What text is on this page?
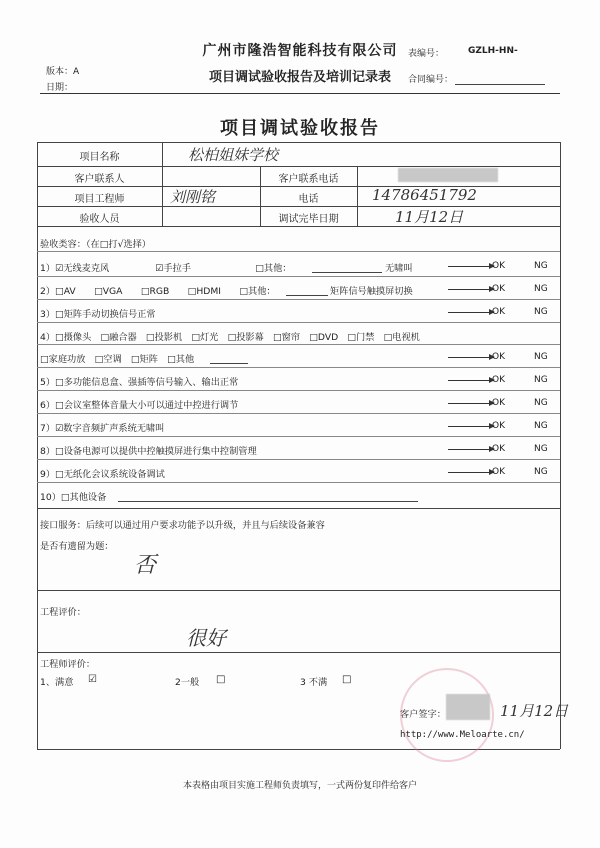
广州市隆浩智能科技有限公司	表编号：	GZLH-HN-
版本：A
日期：
项目调试验收报告及培训记录表	合同编号：
项目调试验收报告
项目名称	松柏姐妹学校
客户联系人	客户联系电话
项目工程师	刘刚铭	电话	14786451792
验收人员	调试完毕日期	11月12日
验收类容：（在□打√选择）
1）☑无线麦克风　　　　　☑手拉手　　　　　　　□其他：	无啸叫	OK	NG
2）□AV　　□VGA　　□RGB　　□HDMI　　□其他：	矩阵信号触摸屏切换	OK	NG
3）□矩阵手动切换信号正常	OK	NG
4）□摄像头　□融合器　□投影机　□灯光　□投影幕　□窗帘　□DVD　□门禁　□电视机
□家庭功放　□空调　□矩阵　□其他	OK	NG
5）□多功能信息盒、强插等信号输入、输出正常	OK	NG
6）□会议室整体音量大小可以通过中控进行调节	OK	NG
7）☑数字音频扩声系统无啸叫	OK	NG
8）□设备电源可以提供中控触摸屏进行集中控制管理	OK	NG
9）□无纸化会议系统设备调试	OK	NG
10）□其他设备
接口服务：后续可以通过用户要求功能予以升级，并且与后续设备兼容
是否有遗留为题：
否
工程评价：
很好
工程师评价：
1、满意 ☑	2一般 □	3 不满 □
客户签字：	11月12日
http://www.Meloarte.cn/
本表格由项目实施工程师负责填写，一式两份复印件给客户
